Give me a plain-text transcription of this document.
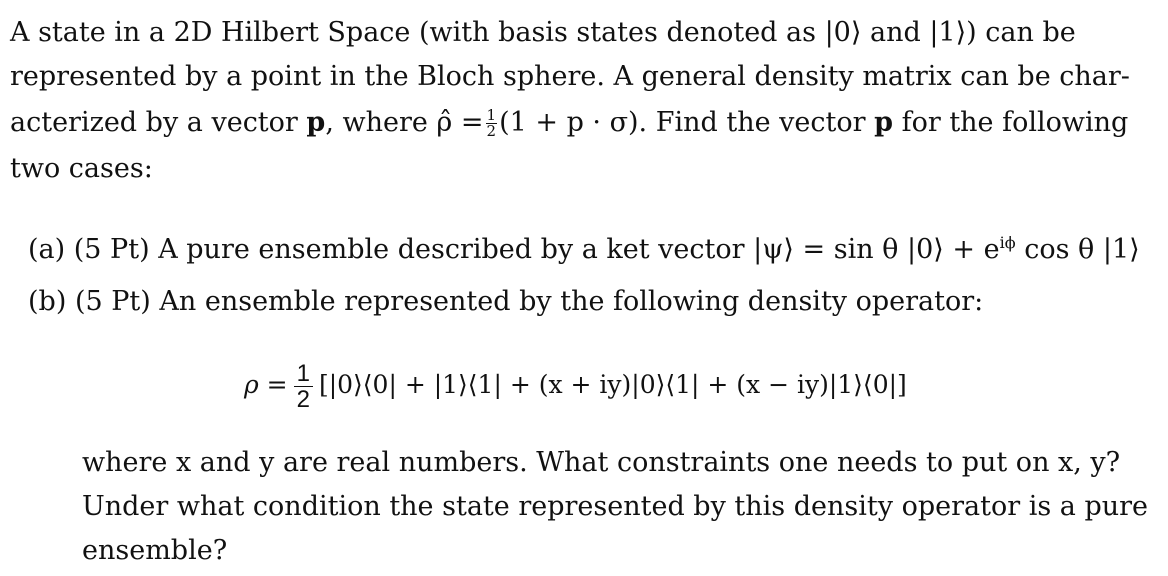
A state in a 2D Hilbert Space (with basis states denoted as |0⟩ and |1⟩) can be
represented by a point in the Bloch sphere. A general density matrix can be char-
acterized by a vector p, where ρ̂ = $\frac{1}{2} (1 + p \cdot \sigma)$. Find the vector p for the following
two cases:
(a) (5 Pt) A pure ensemble described by a ket vector |ψ⟩ = sin θ |0⟩ + $e^{i\phi}$ cos θ |1⟩
(b) (5 Pt) An ensemble represented by the following density operator:
$\rho = \frac{1}{2}$ [|0⟩⟨0| + |1⟩⟨1| + (x + iy)|0⟩⟨1| + (x − iy)|1⟩⟨0|]
where x and y are real numbers. What constraints one needs to put on x, y?
Under what condition the state represented by this density operator is a pure
ensemble?
